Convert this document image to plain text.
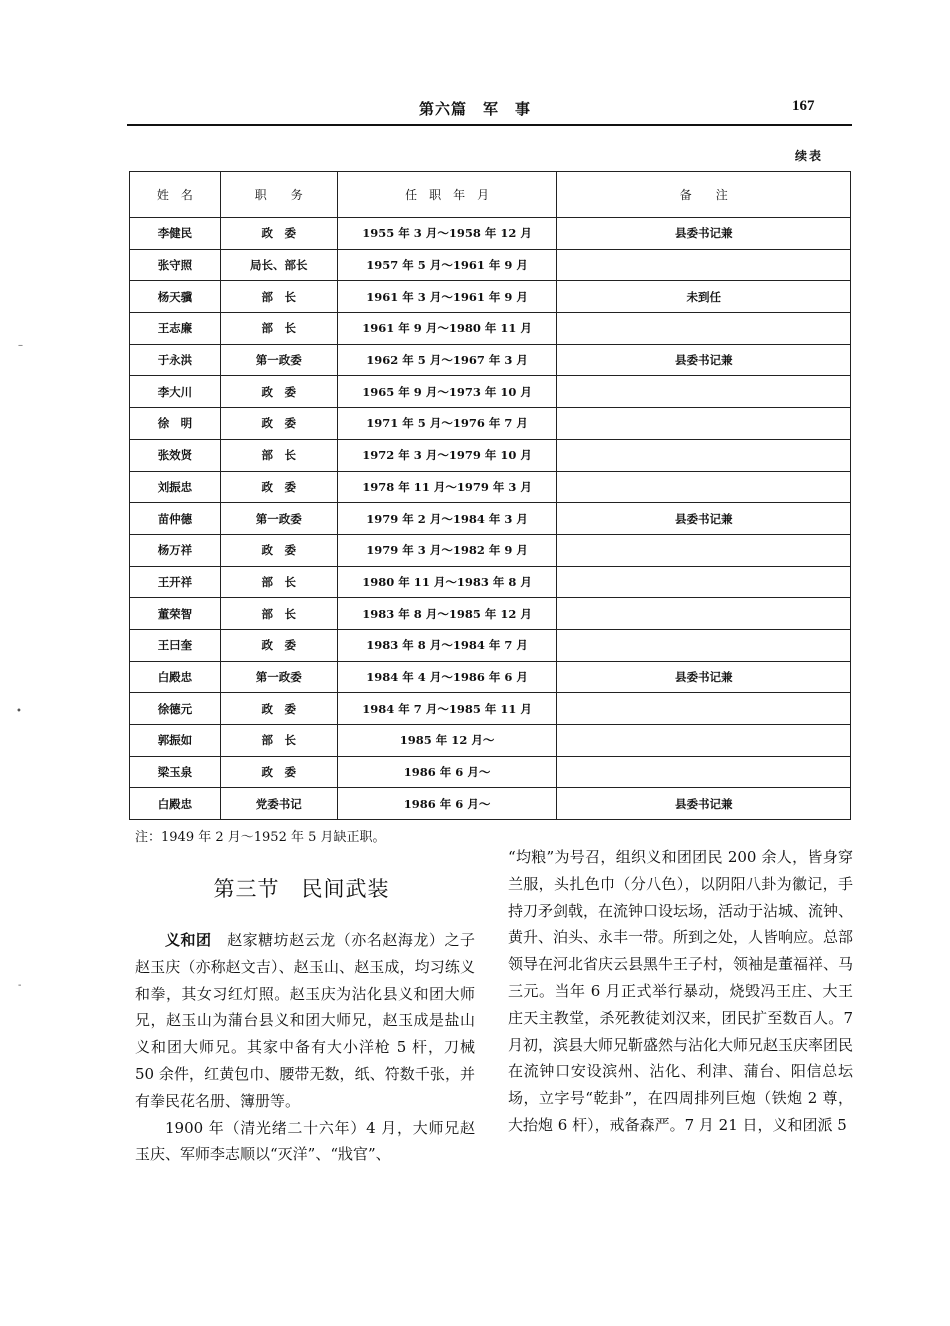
第六篇　军　事	167
续表
姓　名	职　　务	任　职　年　月	备　　注
李健民	政　委	1955 年 3 月～1958 年 12 月	县委书记兼
张守照	局长、部长	1957 年 5 月～1961 年 9 月	
杨天骥	部　长	1961 年 3 月～1961 年 9 月	未到任
王志廉	部　长	1961 年 9 月～1980 年 11 月	
于永洪	第一政委	1962 年 5 月～1967 年 3 月	县委书记兼
李大川	政　委	1965 年 9 月～1973 年 10 月	
徐　明	政　委	1971 年 5 月～1976 年 7 月	
张效贤	部　长	1972 年 3 月～1979 年 10 月	
刘振忠	政　委	1978 年 11 月～1979 年 3 月	
苗仲德	第一政委	1979 年 2 月～1984 年 3 月	县委书记兼
杨万祥	政　委	1979 年 3 月～1982 年 9 月	
王开祥	部　长	1980 年 11 月～1983 年 8 月	
董荣智	部　长	1983 年 8 月～1985 年 12 月	
王曰奎	政　委	1983 年 8 月～1984 年 7 月	
白殿忠	第一政委	1984 年 4 月～1986 年 6 月	县委书记兼
徐德元	政　委	1984 年 7 月～1985 年 11 月	
郭振如	部　长	1985 年 12 月～	
梁玉泉	政　委	1986 年 6 月～	
白殿忠	党委书记	1986 年 6 月～	县委书记兼
注：1949 年 2 月～1952 年 5 月缺正职。
第三节　民间武装

义和团　 赵家糖坊赵云龙（亦名赵海龙）之子赵玉庆（亦称赵文吉）、赵玉山、赵玉成，均习练义和拳，其女习红灯照。赵玉庆为沾化县义和团大师兄，赵玉山为蒲台县义和团大师兄，赵玉成是盐山义和团大师兄。其家中备有大小洋枪 5 杆，刀械 50 余件，红黄包巾、腰带无数，纸、符数千张，并有拳民花名册、簿册等。

1900 年（清光绪二十六年）4 月，大师兄赵玉庆、军师李志顺以“灭洋”、“戕官”、

“均粮”为号召，组织义和团团民 200 余人，皆身穿兰服，头扎色巾（分八色），以阴阳八卦为徽记，手持刀矛剑戟，在流钟口设坛场，活动于沾城、流钟、黄升、泊头、永丰一带。所到之处，人皆响应。总部领导在河北省庆云县黑牛王子村，领袖是董福祥、马三元。当年 6 月正式举行暴动，烧毁冯王庄、大王庄天主教堂，杀死教徒刘汉来，团民扩至数百人。7 月初，滨县大师兄靳盛然与沾化大师兄赵玉庆率团民在流钟口安设滨州、沾化、利津、蒲台、阳信总坛场，立字号“乾卦”，在四周排列巨炮（铁炮 2 尊，大抬炮 6 杆），戒备森严。7 月 21 日，义和团派 5

–
•
‐
